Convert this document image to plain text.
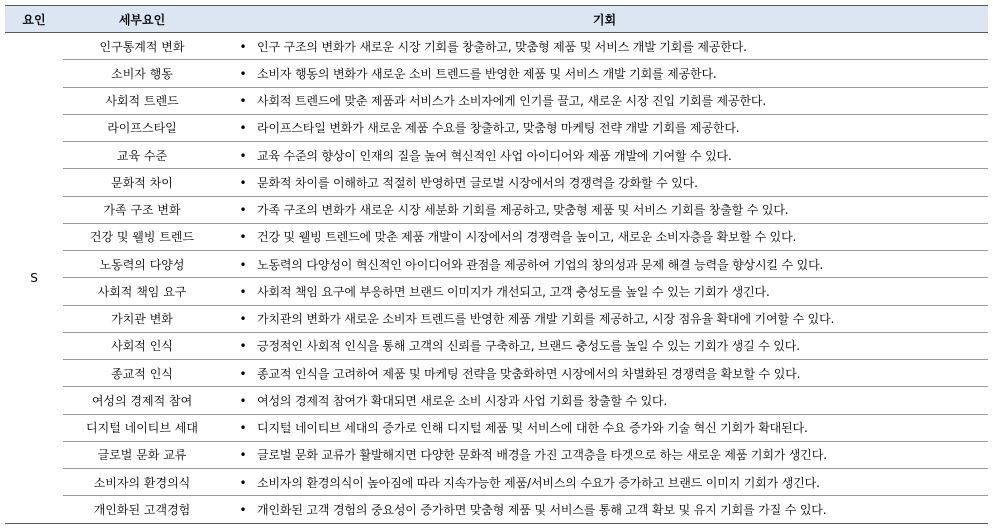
요인	세부요인	기회
S	인구통계적 변화	• 인구 구조의 변화가 새로운 시장 기회를 창출하고, 맞춤형 제품 및 서비스 개발 기회를 제공한다.
	소비자 행동	• 소비자 행동의 변화가 새로운 소비 트렌드를 반영한 제품 및 서비스 개발 기회를 제공한다.
	사회적 트렌드	• 사회적 트렌드에 맞춘 제품과 서비스가 소비자에게 인기를 끌고, 새로운 시장 진입 기회를 제공한다.
	라이프스타일	• 라이프스타일 변화가 새로운 제품 수요를 창출하고, 맞춤형 마케팅 전략 개발 기회를 제공한다.
	교육 수준	• 교육 수준의 향상이 인재의 질을 높여 혁신적인 사업 아이디어와 제품 개발에 기여할 수 있다.
	문화적 차이	• 문화적 차이를 이해하고 적절히 반영하면 글로벌 시장에서의 경쟁력을 강화할 수 있다.
	가족 구조 변화	• 가족 구조의 변화가 새로운 시장 세분화 기회를 제공하고, 맞춤형 제품 및 서비스 기회를 창출할 수 있다.
	건강 및 웰빙 트렌드	• 건강 및 웰빙 트렌드에 맞춘 제품 개발이 시장에서의 경쟁력을 높이고, 새로운 소비자층을 확보할 수 있다.
	노동력의 다양성	• 노동력의 다양성이 혁신적인 아이디어와 관점을 제공하여 기업의 창의성과 문제 해결 능력을 향상시킬 수 있다.
	사회적 책임 요구	• 사회적 책임 요구에 부응하면 브랜드 이미지가 개선되고, 고객 충성도를 높일 수 있는 기회가 생긴다.
	가치관 변화	• 가치관의 변화가 새로운 소비자 트렌드를 반영한 제품 개발 기회를 제공하고, 시장 점유율 확대에 기여할 수 있다.
	사회적 인식	• 긍정적인 사회적 인식을 통해 고객의 신뢰를 구축하고, 브랜드 충성도를 높일 수 있는 기회가 생길 수 있다.
	종교적 인식	• 종교적 인식을 고려하여 제품 및 마케팅 전략을 맞춤화하면 시장에서의 차별화된 경쟁력을 확보할 수 있다.
	여성의 경제적 참여	• 여성의 경제적 참여가 확대되면 새로운 소비 시장과 사업 기회를 창출할 수 있다.
	디지털 네이티브 세대	• 디지털 네이티브 세대의 증가로 인해 디지털 제품 및 서비스에 대한 수요 증가와 기술 혁신 기회가 확대된다.
	글로벌 문화 교류	• 글로벌 문화 교류가 활발해지면 다양한 문화적 배경을 가진 고객층을 타겟으로 하는 새로운 제품 기회가 생긴다.
	소비자의 환경의식	• 소비자의 환경의식이 높아짐에 따라 지속가능한 제품/서비스의 수요가 증가하고 브랜드 이미지 기회가 생긴다.
	개인화된 고객경험	• 개인화된 고객 경험의 중요성이 증가하면 맞춤형 제품 및 서비스를 통해 고객 확보 및 유지 기회를 가질 수 있다.
